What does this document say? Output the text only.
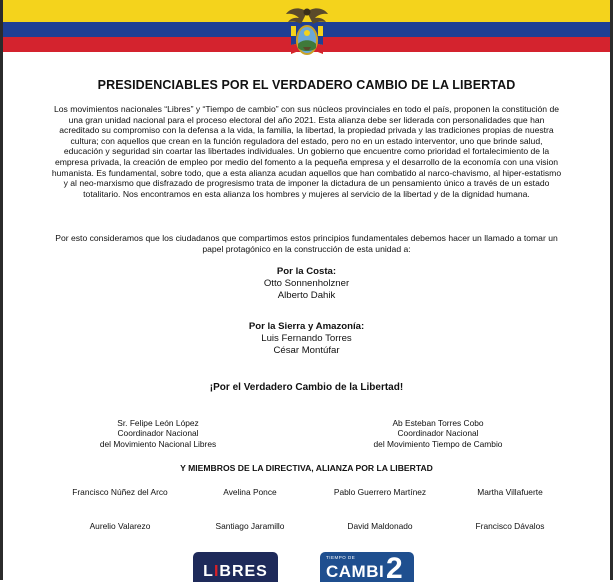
PRESIDENCIABLES POR EL VERDADERO CAMBIO DE LA LIBERTAD

Los movimientos nacionales “Libres” y “Tiempo de cambio” con sus núcleos provinciales en todo el país, proponen la constitución de una gran unidad nacional para el proceso electoral del año 2021. Esta alianza debe ser liderada con personalidades que han acreditado su compromiso con la defensa a la vida, la familia, la libertad, la propiedad privada y las tradiciones propias de nuestra cultura; con aquellos que crean en la función reguladora del estado, pero no en un estado interventor, uno que brinde salud, educación y seguridad sin coartar las libertades individuales. Un gobierno que encuentre como prioridad el fortalecimiento de la empresa privada, la creación de empleo por medio del fomento a la pequeña empresa y el desarrollo de la economía con una vision humanista. Es fundamental, sobre todo, que a esta alianza acudan aquellos que han combatido al narco-chavismo, al hiper-estatismo y al neo-marxismo que disfrazado de progresismo trata de imponer la dictadura de un pensamiento único a través de un estado totalitario. Nos encontramos en esta alianza los hombres y mujeres al servicio de la libertad y de la dignidad humana.

Por esto consideramos que los ciudadanos que compartimos estos principios fundamentales debemos hacer un llamado a tomar un papel protagónico en la construcción de esta unidad a:

Por la Costa:
Otto Sonnenholzner
Alberto Dahik
Por la Sierra y Amazonía:
Luis Fernando Torres
César Montúfar
¡Por el Verdadero Cambio de la Libertad!
Sr. Felipe León López
Coordinador Nacional
del Movimiento Nacional Libres
Ab Esteban Torres Cobo
Coordinador Nacional
del Movimiento Tiempo de Cambio
Y MIEMBROS DE LA DIRECTIVA, ALIANZA POR LA LIBERTAD
Francisco Núñez del Arco	Avelina Ponce	Pablo Guerrero Martínez	Martha Villafuerte
Aurelio Valarezo	Santiago Jaramillo	David Maldonado	Francisco Dávalos
LIBRES
TIEMPO DE
CAMBI 2
